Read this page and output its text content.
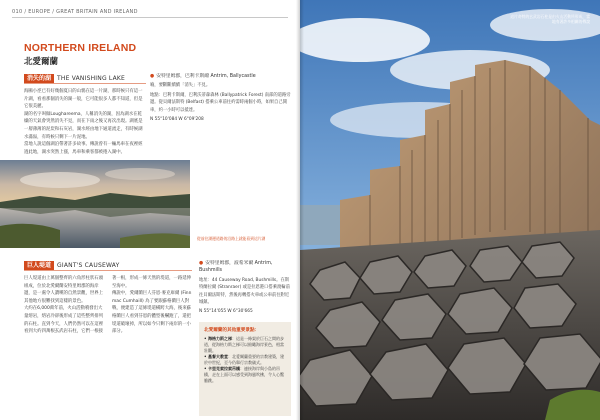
010 / EUROPE / GREAT BRITAIN AND IRELAND
NORTHERN IRELAND
北愛爾蘭
消失的湖 THE VANISHING LAKE

海鷗小徑已有好幾個夏日的山鶉在這一片湖，那時候只有這一片湖，看看那個消失的湖一般，它可能很多人都不知道，但是它很美麗。

湖的名字叫做Loughareema，人稱消失的湖，因為湖水在乾燥的天氣會突然消失不見，而在下雨之後又再次出現。湖底是一層薄薄的泥炭和石灰岩，湖水經由地下通道流走，有時候湖水滿溢，有時候只剩下一片泥地。

當地人說這個湖泊帶著許多故事。傳說曾有一輛馬車在夜裡經過此地，湖水突然上漲，馬車和乘客都被捲入湖中。

● 安特里姆郡，巴利卡斯爾 Antrim, Ballycastle

喻，要斷斷續續「消失」不見。

地點：巴利卡斯爾，巴利沃蒂森森林 (Ballypatrick Forest) 南部的道路旁邊。從貝爾法斯特 (Belfast) 搭乘公車前往約需時兩個小時，如果自己開車，約一小時可以抵達。

N 55°10'084 W 6°09'208

從前往湖邊道路的沿路上就能看到這片湖
巨人堤道 GIANT'S CAUSEWAY

巨人堤道由上萬個整齊的六角形柱狀石頭組成，位於北愛爾蘭安特里姆郡的海岸邊，是一處令人讚嘆的自然景觀，世界上其他地方很難找到這樣的景色。

大約在6,000萬年前，火山活動噴發出大量熔岩，熔岩冷卻後形成了這些整齊排列的石柱。直到今天，人們仍然可以在這裡看到大約四萬根玄武岩石柱，它們一根接著一根，形成一條天然的堤道，一路延伸至海中。

傳說中，愛爾蘭巨人芬恩·麥克庫爾 (Finn mac Cumhaill) 為了要跟蘇格蘭巨人對戰，便建造了這條堤道橫跨大海，後來蘇格蘭巨人看到芬恩的體型後嚇跑了，還把堤道破壞掉，所以如今只剩下兩岸的一小部分。

● 安特里姆郡，波希米爾 Antrim, Bushmills

地址：44 Causeway Road, Bushmills。在斯特蘭拉爾 (Stranraer) 或是拉恩港口搭乘渡輪前往貝爾法斯特，然後再轉搭火車或公車前往附近城鎮。

N 55°14'055 W 6°30'665

北愛爾蘭的其他重要景點：
• 海格力斯之梯：這是一條架於巨石之間的步道，從海格力斯之梯可以俯瞰海岸景色，相當壯觀。
• 基督大教堂：北愛爾蘭重要的宗教建築，建於中世紀，至今仍舉行宗教儀式。
• 卡里克索拉索吊橋：連接海岸與小島的吊橋，走在上面可以感受到海風吹拂，令人心驚膽跳。
這片奇特的玄武岩石柱是由火山活動所形成，當地有著許多相關的傳說
